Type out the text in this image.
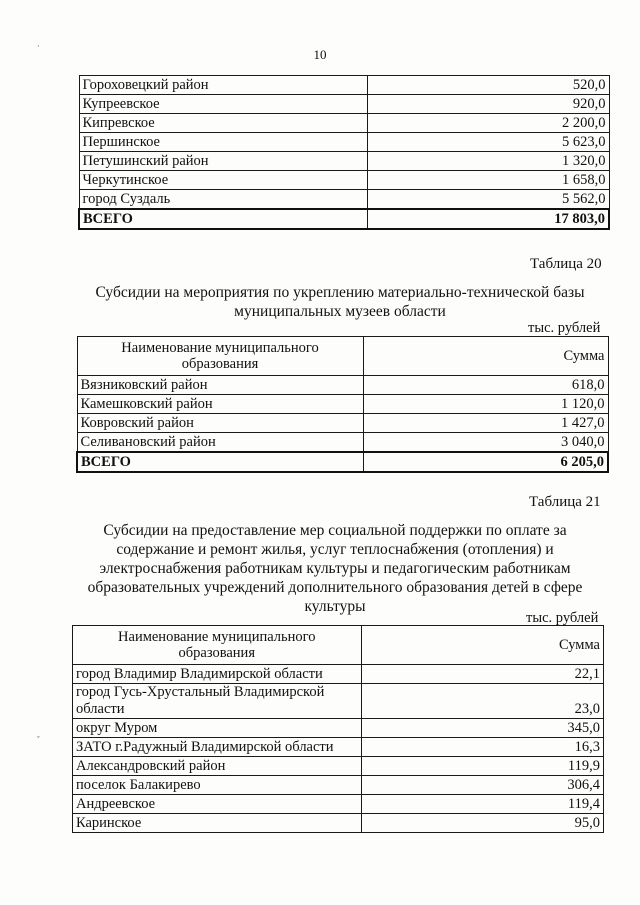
·
ˇ
10
Гороховецкий район	520,0
Купреевское	920,0
Кипревское	2 200,0
Першинское	5 623,0
Петушинский район	1 320,0
Черкутинское	1 658,0
город Суздаль	5 562,0
ВСЕГО	17 803,0
Таблица 20
Субсидии на мероприятия по укреплению материально-технической базы
муниципальных музеев области
тыс. рублей
Наименование муниципального
образования	Сумма
Вязниковский район	618,0
Камешковский район	1 120,0
Ковровский район	1 427,0
Селивановский район	3 040,0
ВСЕГО	6 205,0
Таблица 21
Субсидии на предоставление мер социальной поддержки по оплате за
содержание и ремонт жилья, услуг теплоснабжения (отопления) и
электроснабжения работникам культуры и педагогическим работникам
образовательных учреждений дополнительного образования детей в сфере
культуры
тыс. рублей
Наименование муниципального
образования	Сумма
город Владимир Владимирской области	22,1

город Гусь-Хрустальный Владимирской
области	23,0
округ Муром	345,0
ЗАТО г.Радужный Владимирской области	16,3
Александровский район	119,9
поселок Балакирево	306,4
Андреевское	119,4
Каринское	95,0
